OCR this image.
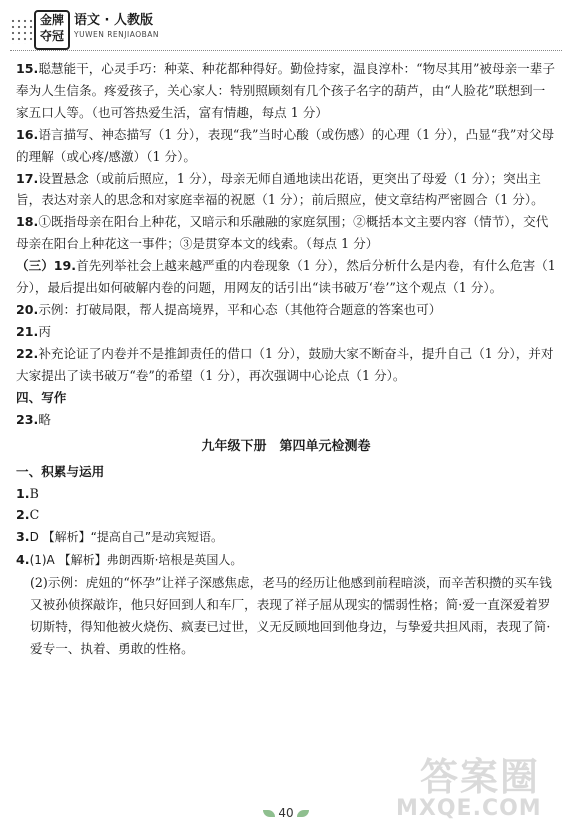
金牌
夺冠
语文 · 人教版
YUWEN RENJIAOBAN

15.聪慧能干，心灵手巧：种菜、种花都种得好。勤俭持家，温良淳朴：“物尽其用”被母亲一辈子奉为人生信条。疼爱孩子，关心家人：特别照顾刻有几个孩子名字的葫芦，由“人脸花”联想到一家五口人等。（也可答热爱生活，富有情趣，每点 1 分）

16.语言描写、神态描写（1 分），表现“我”当时心酸（或伤感）的心理（1 分），凸显“我”对父母的理解（或心疼/感激）（1 分）。

17.设置悬念（或前后照应，1 分），母亲无师自通地读出花语，更突出了母爱（1 分）；突出主旨，表达对亲人的思念和对家庭幸福的祝愿（1 分）；前后照应，使文章结构严密圆合（1 分）。

18.①既指母亲在阳台上种花，又暗示和乐融融的家庭氛围；②概括本文主要内容（情节），交代母亲在阳台上种花这一事件；③是贯穿本文的线索。（每点 1 分）

（三）19.首先列举社会上越来越严重的内卷现象（1 分），然后分析什么是内卷，有什么危害（1 分），最后提出如何破解内卷的问题，用网友的话引出“读书破万‘卷’”这个观点（1 分）。

20.示例：打破局限，帮人提高境界，平和心态（其他符合题意的答案也可）

21.丙

22.补充论证了内卷并不是推卸责任的借口（1 分），鼓励大家不断奋斗，提升自己（1 分），并对大家提出了读书破万“卷”的希望（1 分），再次强调中心论点（1 分）。

四、写作

23.略

九年级下册　第四单元检测卷

一、积累与运用

1.B

2.C

3.D 【解析】“提高自己”是动宾短语。

4.(1)A 【解析】弗朗西斯·培根是英国人。

(2)示例：虎妞的“怀孕”让祥子深感焦虑，老马的经历让他感到前程暗淡，而辛苦积攒的买车钱又被孙侦探敲诈，他只好回到人和车厂，表现了祥子屈从现实的懦弱性格；简·爱一直深爱着罗切斯特，得知他被火烧伤、疯妻已过世，义无反顾地回到他身边，与挚爱共担风雨，表现了简·爱专一、执着、勇敢的性格。

40
答案圈
MXQE.COM
